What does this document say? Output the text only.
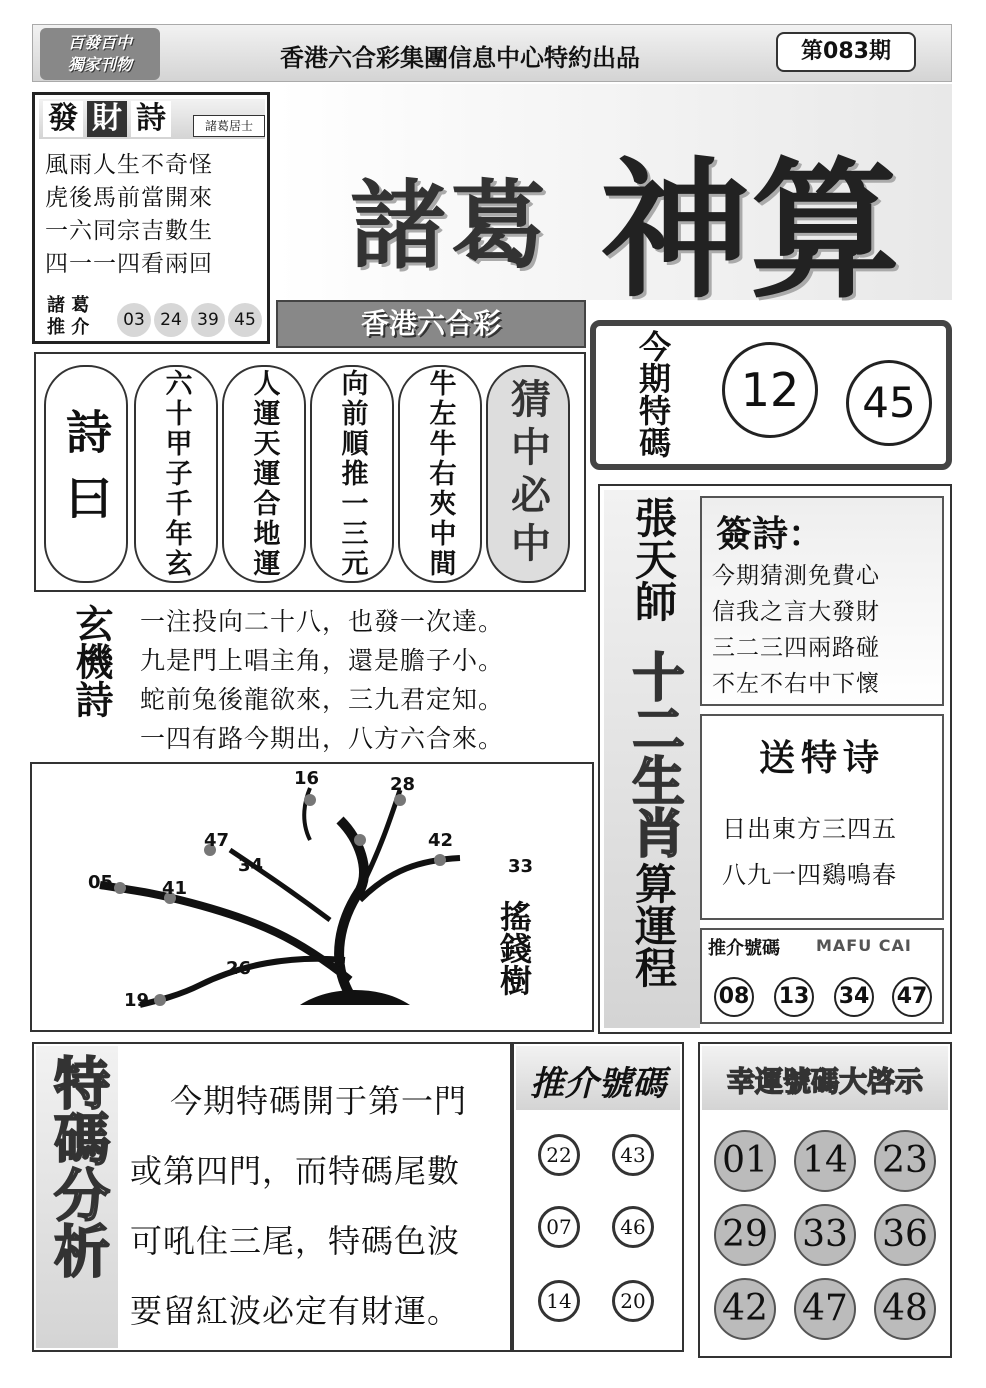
百發百中
獨家刊物	香港六合彩集團信息中心特約出品	第083期
發 財 詩	諸葛居士
風雨人生不奇怪
虎後馬前當開來
一六同宗吉數生
四一一四看兩回
諸 葛
推 介	03 24 39 45
諸葛 神算
香港六合彩
今期特碼	12	45
詩曰	六十甲子千年玄	人運天運合地運	向前順推一三元	牛左牛右夾中間	猜中必中
玄機詩 一注投向二十八，也發一次達。
九是門上唱主角，還是膽子小。
蛇前兔後龍欲來，三九君定知。
一四有路今期出，八方六合來。
16	28
47	42
34	33
05	41
26
19
搖錢樹
張天師
十二生肖
算運程
簽詩：
今期猜測免費心
信我之言大發財
三二三四兩路碰
不左不右中下懷
送特诗
日出東方三四五
八九一四鷄鳴春
推介號碼 MAFU CAI
08 13 34 47
特碼分析	今期特碼開于第一門
或第四門，而特碼尾數
可吼住三尾，特碼色波
要留紅波必定有財運。
推介號碼
22	43
07	46
14	20
幸運號碼大啓示
01 14 23
29 33 36
42 47 48
